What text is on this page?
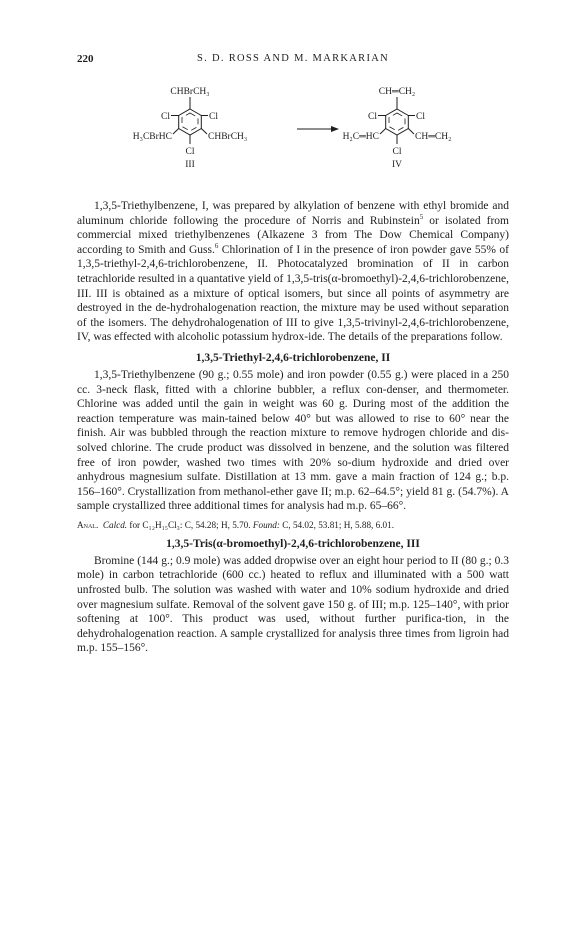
220	S. D. ROSS AND M. MARKARIAN
CHBrCH₃
Cl	Cl
H₃CBrHC	CHBrCH₃
Cl
III
CH═CH₂
Cl	Cl
H₂C═HC	CH═CH₂
Cl
IV

1,3,5-Triethylbenzene, I, was prepared by alkylation of benzene with ethyl bromide and aluminum chloride following the procedure of Norris and Rubinstein$^5$ or isolated from commercial mixed triethylbenzenes (Alkazene 3 from The Dow Chemical Company) according to Smith and Guss.$^6$ Chlorination of I in the presence of iron powder gave 55% of 1,3,5-triethyl-2,4,6-trichlorobenzene, II. Photocatalyzed bromination of II in carbon tetrachloride resulted in a quantative yield of 1,3,5-tris(α-bromoethyl)-2,4,6-trichlorobenzene, III. III is obtained as a mixture of optical isomers, but since all points of asymmetry are destroyed in the de-hydrohalogenation reaction, the mixture may be used without separation of the isomers. The dehydrohalogenation of III to give 1,3,5-trivinyl-2,4,6-trichlorobenzene, IV, was effected with alcoholic potassium hydrox-ide. The details of the preparations follow.

1,3,5-Triethyl-2,4,6-trichlorobenzene, II

1,3,5-Triethylbenzene (90 g.; 0.55 mole) and iron powder (0.55 g.) were placed in a 250 cc. 3-neck flask, fitted with a chlorine bubbler, a reflux con-denser, and thermometer. Chlorine was added until the gain in weight was 60 g. During most of the addition the reaction temperature was main-tained below 40° but was allowed to rise to 60° near the finish. Air was bubbled through the reaction mixture to remove hydrogen chloride and dis-solved chlorine. The crude product was dissolved in benzene, and the solution was filtered free of iron powder, washed two times with 20% so-dium hydroxide and dried over anhydrous magnesium sulfate. Distillation at 13 mm. gave a main fraction of 124 g.; b.p. 156–160°. Crystallization from methanol-ether gave II; m.p. 62–64.5°; yield 81 g. (54.7%). A sample crystallized three additional times for analysis had m.p. 65–66°.

Anal. Calcd. for C₁₂H₁₅Cl₃: C, 54.28; H, 5.70. Found: C, 54.02, 53.81; H, 5.88, 6.01.

1,3,5-Tris(α-bromoethyl)-2,4,6-trichlorobenzene, III

Bromine (144 g.; 0.9 mole) was added dropwise over an eight hour period to II (80 g.; 0.3 mole) in carbon tetrachloride (600 cc.) heated to reflux and illuminated with a 500 watt unfrosted bulb. The solution was washed with water and 10% sodium hydroxide and dried over magnesium sulfate. Removal of the solvent gave 150 g. of III; m.p. 125–140°, with prior softening at 100°. This product was used, without further purifica-tion, in the dehydrohalogenation reaction. A sample crystallized for analysis three times from ligroin had m.p. 155–156°.
